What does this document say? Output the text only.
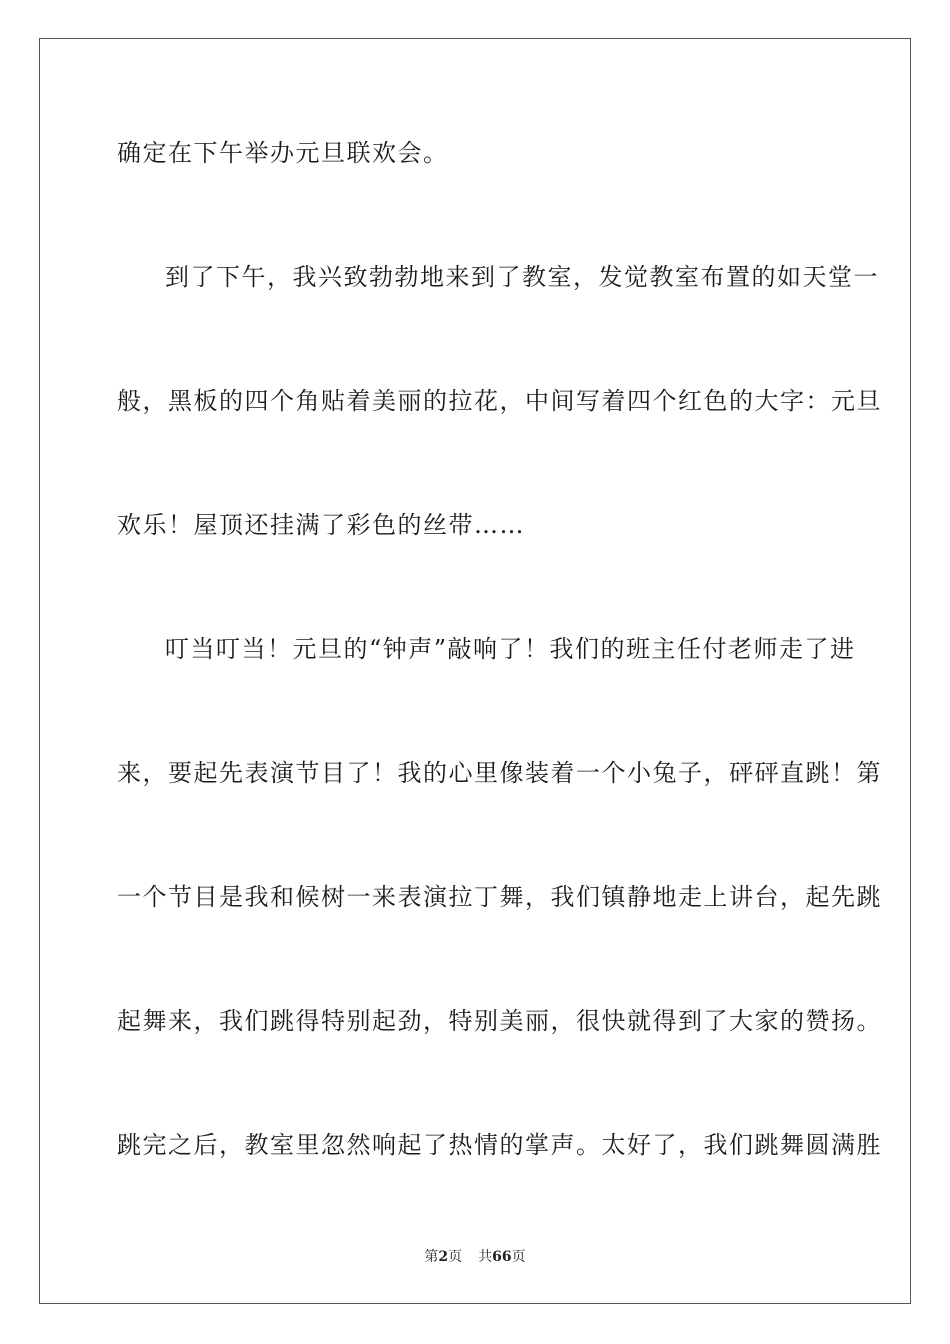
确定在下午举办元旦联欢会。
到了下午，我兴致勃勃地来到了教室，发觉教室布置的如天堂一
般，黑板的四个角贴着美丽的拉花，中间写着四个红色的大字：元旦
欢乐！屋顶还挂满了彩色的丝带……
叮当叮当！元旦的“钟声”敲响了！我们的班主任付老师走了进
来，要起先表演节目了！我的心里像装着一个小兔子，砰砰直跳！第
一个节目是我和候树一来表演拉丁舞，我们镇静地走上讲台，起先跳
起舞来，我们跳得特别起劲，特别美丽，很快就得到了大家的赞扬。
跳完之后，教室里忽然响起了热情的掌声。太好了，我们跳舞圆满胜
第2页 共66页
